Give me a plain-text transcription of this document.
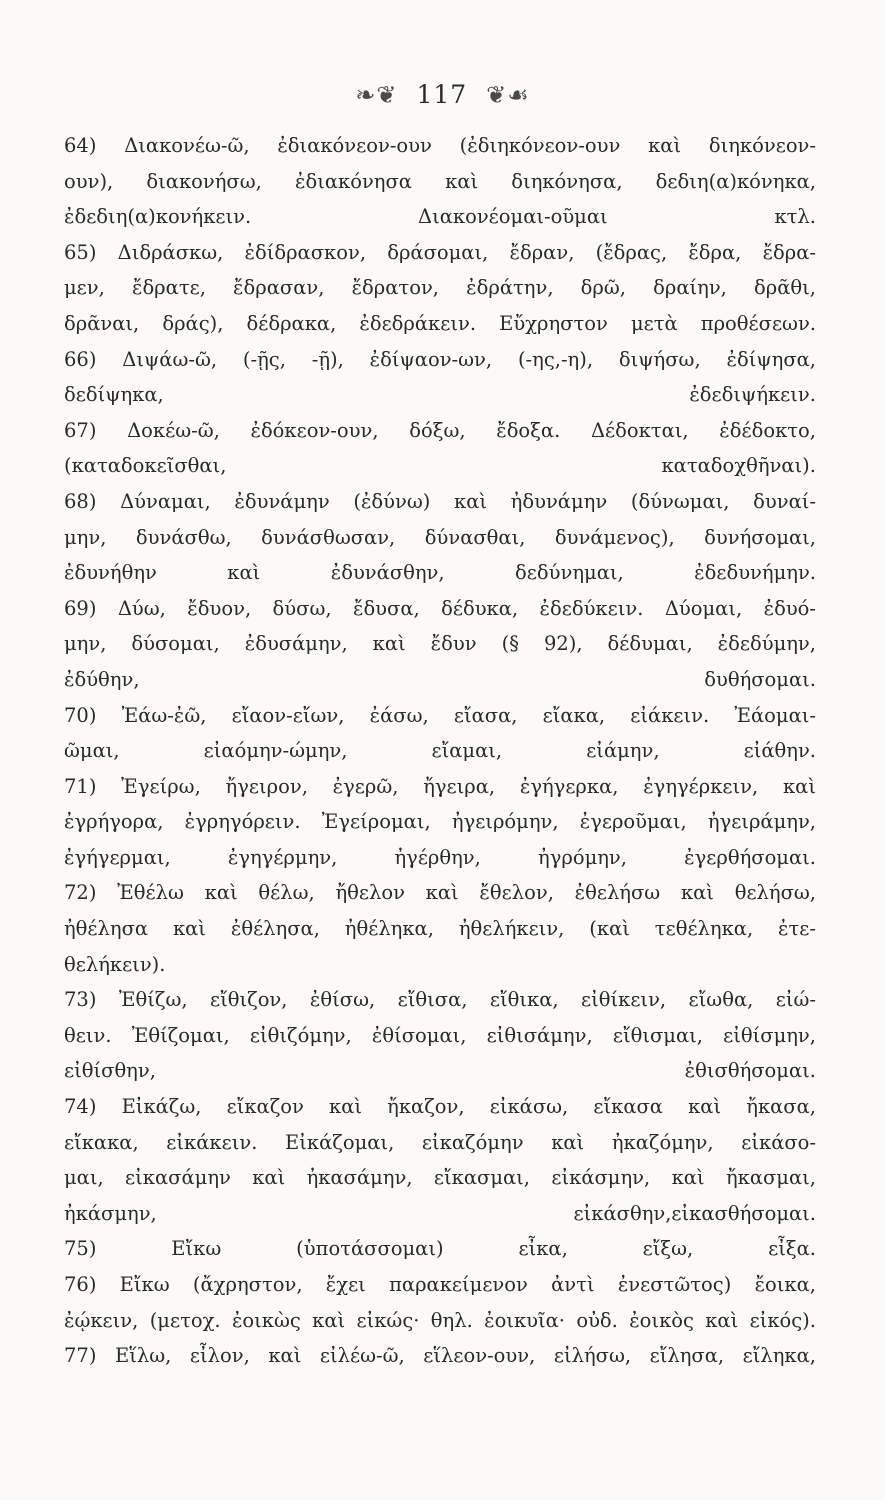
❧❦ 117 ❦☙

64) Διακονέω-ῶ, ἐδιακόνεον-ουν (ἐδιηκόνεον-ουν καὶ διηκόνεον-

ουν), διακονήσω, ἐδιακόνησα καὶ διηκόνησα, δεδιη(α)κόνηκα,

ἐδεδιη(α)κονήκειν. Διακονέομαι-οῦμαι κτλ.

65) Διδράσκω, ἐδίδρασκον, δράσομαι, ἔδραν, (ἔδρας, ἔδρα, ἔδρα-

μεν, ἔδρατε, ἔδρασαν, ἔδρατον, ἐδράτην, δρῶ, δραίην, δρᾶθι,

δρᾶναι, δράς), δέδρακα, ἐδεδράκειν. Εὔχρηστον μετὰ προθέσεων.

66) Διψάω-ῶ, (-ῇς, -ῇ), ἐδίψαον-ων, (-ης,-η), διψήσω, ἐδίψησα,

δεδίψηκα, ἐδεδιψήκειν.

67) Δοκέω-ῶ, ἐδόκεον-ουν, δόξω, ἔδοξα. Δέδοκται, ἐδέδοκτο,

(καταδοκεῖσθαι, καταδοχθῆναι).

68) Δύναμαι, ἐδυνάμην (ἐδύνω) καὶ ἠδυνάμην (δύνωμαι, δυναί-

μην, δυνάσθω, δυνάσθωσαν, δύνασθαι, δυνάμενος), δυνήσομαι,

ἐδυνήθην καὶ ἐδυνάσθην, δεδύνημαι, ἐδεδυνήμην.

69) Δύω, ἔδυον, δύσω, ἔδυσα, δέδυκα, ἐδεδύκειν. Δύομαι, ἐδυό-

μην, δύσομαι, ἐδυσάμην, καὶ ἔδυν (§ 92), δέδυμαι, ἐδεδύμην,

ἐδύθην, δυθήσομαι.

70) Ἐάω-ἐῶ, εἴαον-εἴων, ἐάσω, εἴασα, εἴακα, εἰάκειν. Ἐάομαι-

ῶμαι, εἰαόμην-ώμην, εἴαμαι, εἰάμην, εἰάθην.

71) Ἐγείρω, ἤγειρον, ἐγερῶ, ἤγειρα, ἐγήγερκα, ἐγηγέρκειν, καὶ

ἐγρήγορα, ἐγρηγόρειν. Ἐγείρομαι, ἠγειρόμην, ἐγεροῦμαι, ἠγειράμην,

ἐγήγερμαι, ἐγηγέρμην, ἠγέρθην, ἠγρόμην, ἐγερθήσομαι.

72) Ἐθέλω καὶ θέλω, ἤθελον καὶ ἔθελον, ἐθελήσω καὶ θελήσω,

ἠθέλησα καὶ ἐθέλησα, ἠθέληκα, ἠθελήκειν, (καὶ τεθέληκα, ἐτε-

θελήκειν).

73) Ἐθίζω, εἴθιζον, ἐθίσω, εἴθισα, εἴθικα, εἰθίκειν, εἴωθα, εἰώ-

θειν. Ἐθίζομαι, εἰθιζόμην, ἐθίσομαι, εἰθισάμην, εἴθισμαι, εἰθίσμην,

εἰθίσθην, ἐθισθήσομαι.

74) Εἰκάζω, εἴκαζον καὶ ἤκαζον, εἰκάσω, εἴκασα καὶ ἤκασα,

εἴκακα, εἰκάκειν. Εἰκάζομαι, εἰκαζόμην καὶ ἠκαζόμην, εἰκάσο-

μαι, εἰκασάμην καὶ ἠκασάμην, εἴκασμαι, εἰκάσμην, καὶ ἤκασμαι,

ἠκάσμην, εἰκάσθην,εἰκασθήσομαι.

75) Εἴκω (ὑποτάσσομαι) εἶκα, εἴξω, εἶξα.

76) Εἴκω (ἄχρηστον, ἔχει παρακείμενον ἀντὶ ἐνεστῶτος) ἔοικα,

ἐῴκειν, (μετοχ. ἐοικὼς καὶ εἰκώς· θηλ. ἐοικυῖα· οὐδ. ἐοικὸς καὶ εἰκός).

77) Εἵλω, εἶλον, καὶ εἰλέω-ῶ, εἵλεον-ουν, εἰλήσω, εἴλησα, εἴληκα,
